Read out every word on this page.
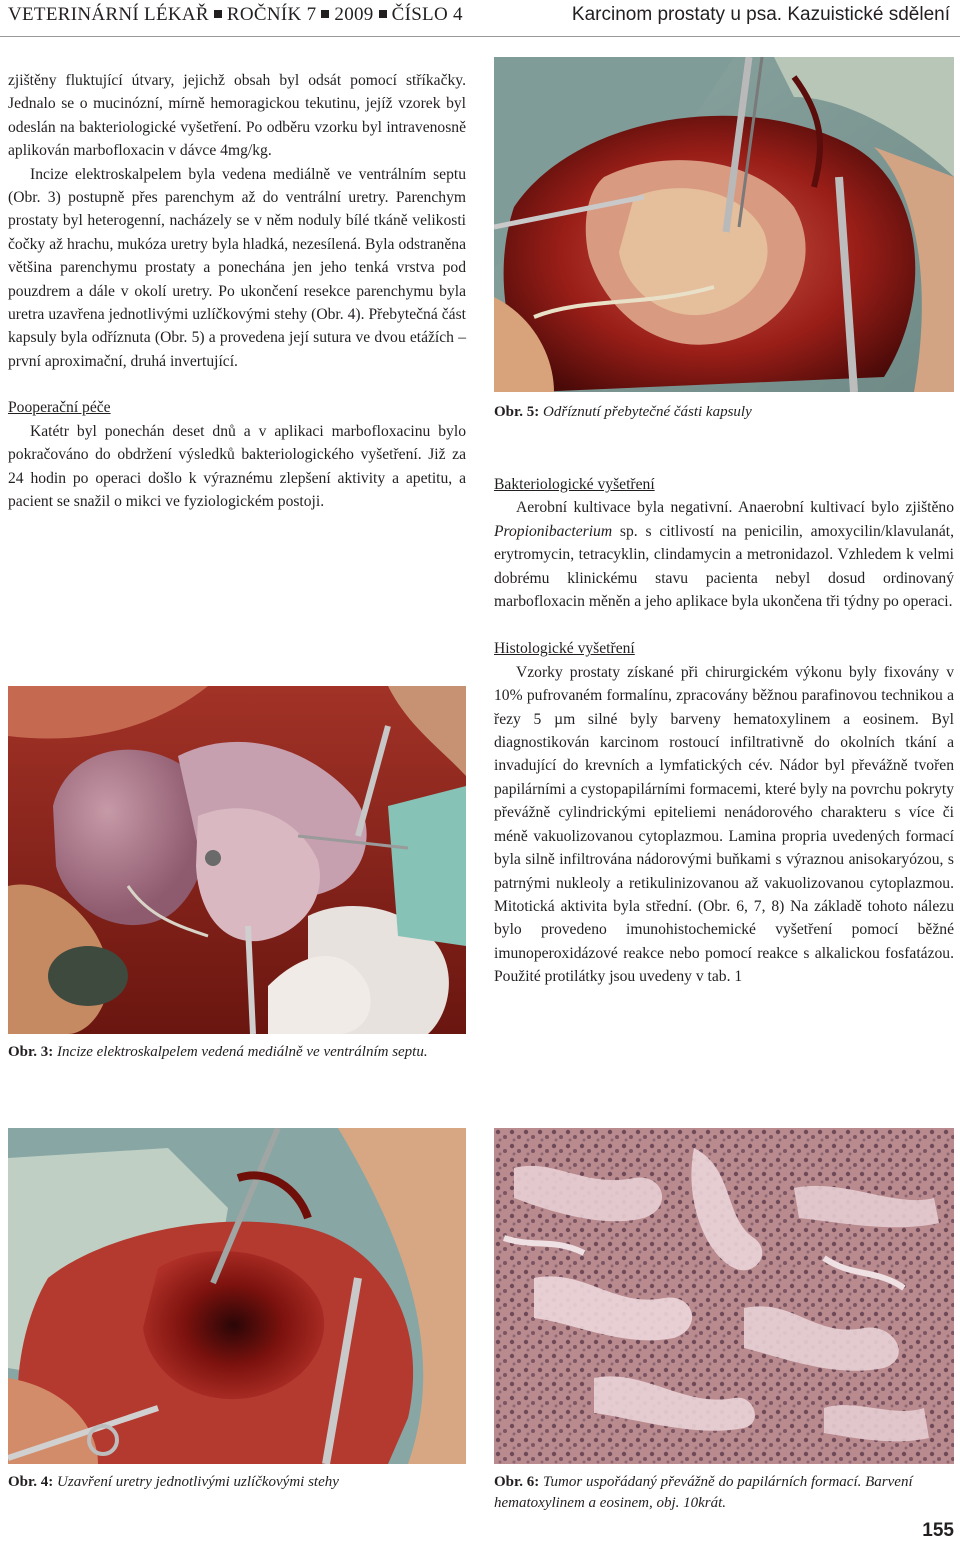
VETERINÁRNÍ LÉKAŘ ROČNÍK 7 2009 ČÍSLO 4	Karcinom prostaty u psa. Kazuistické sdělení

zjištěny fluktující útvary, jejichž obsah byl odsát pomocí stříkačky. Jednalo se o mucinózní, mírně hemoragickou tekutinu, jejíž vzorek byl odeslán na bakteriologické vyšetření. Po odběru vzorku byl intravenosně aplikován marbofloxacin v dávce 4mg/kg.

Incize elektroskalpelem byla vedena mediálně ve ventrálním septu (Obr. 3) postupně přes parenchym až do ventrální uretry. Parenchym prostaty byl heterogenní, nacházely se v něm noduly bílé tkáně velikosti čočky až hrachu, mukóza uretry byla hladká, nezesílená. Byla odstraněna většina parenchymu prostaty a ponechána jen jeho tenká vrstva pod pouzdrem a dále v okolí uretry. Po ukončení resekce parenchymu byla uretra uzavřena jednotlivými uzlíčkovými stehy (Obr. 4). Přebytečná část kapsuly byla odříznuta (Obr. 5) a provedena její sutura ve dvou etážích – první aproximační, druhá invertující.

Pooperační péče

Katétr byl ponechán deset dnů a v aplikaci marbofloxacinu bylo pokračováno do obdržení výsledků bakteriologického vyšetření. Již za 24 hodin po operaci došlo k výraznému zlepšení aktivity a apetitu, a pacient se snažil o mikci ve fyziologickém postoji.

Bakteriologické vyšetření

Aerobní kultivace byla negativní. Anaerobní kultivací bylo zjištěno Propionibacterium sp. s citlivostí na penicilin, amoxycilin/klavulanát, erytromycin, tetracyklin, clindamycin a metronidazol. Vzhledem k velmi dobrému klinickému stavu pacienta nebyl dosud ordinovaný marbofloxacin měněn a jeho aplikace byla ukončena tři týdny po operaci.

Histologické vyšetření

Vzorky prostaty získané při chirurgickém výkonu byly fixovány v 10% pufrovaném formalínu, zpracovány běžnou parafinovou technikou a řezy 5 µm silné byly barveny hematoxylinem a eosinem. Byl diagnostikován karcinom rostoucí infiltrativně do okolních tkání a invadující do krevních a lymfatických cév. Nádor byl převážně tvořen papilárními a cystopapilárními formacemi, které byly na povrchu pokryty převážně cylindrickými epiteliemi nenádorového charakteru s více či méně vakuolizovanou cytoplazmou. Lamina propria uvedených formací byla silně infiltrována nádorovými buňkami s výraznou anisokaryózou, s patrnými nukleoly a retikulinizovanou až vakuolizovanou cytoplazmou. Mitotická aktivita byla střední. (Obr. 6, 7, 8) Na základě tohoto nálezu bylo provedeno imunohistochemické vyšetření pomocí běžné imunoperoxidázové reakce nebo pomocí reakce s alkalickou fosfatázou. Použité protilátky jsou uvedeny v tab. 1

Obr. 5: Odříznutí přebytečné části kapsuly
Obr. 3: Incize elektroskalpelem vedená mediálně ve ventrálním septu.
Obr. 4: Uzavření uretry jednotlivými uzlíčkovými stehy	Obr. 6: Tumor uspořádaný převážně do papilárních formací. Barvení hematoxylinem a eosinem, obj. 10krát.
155
